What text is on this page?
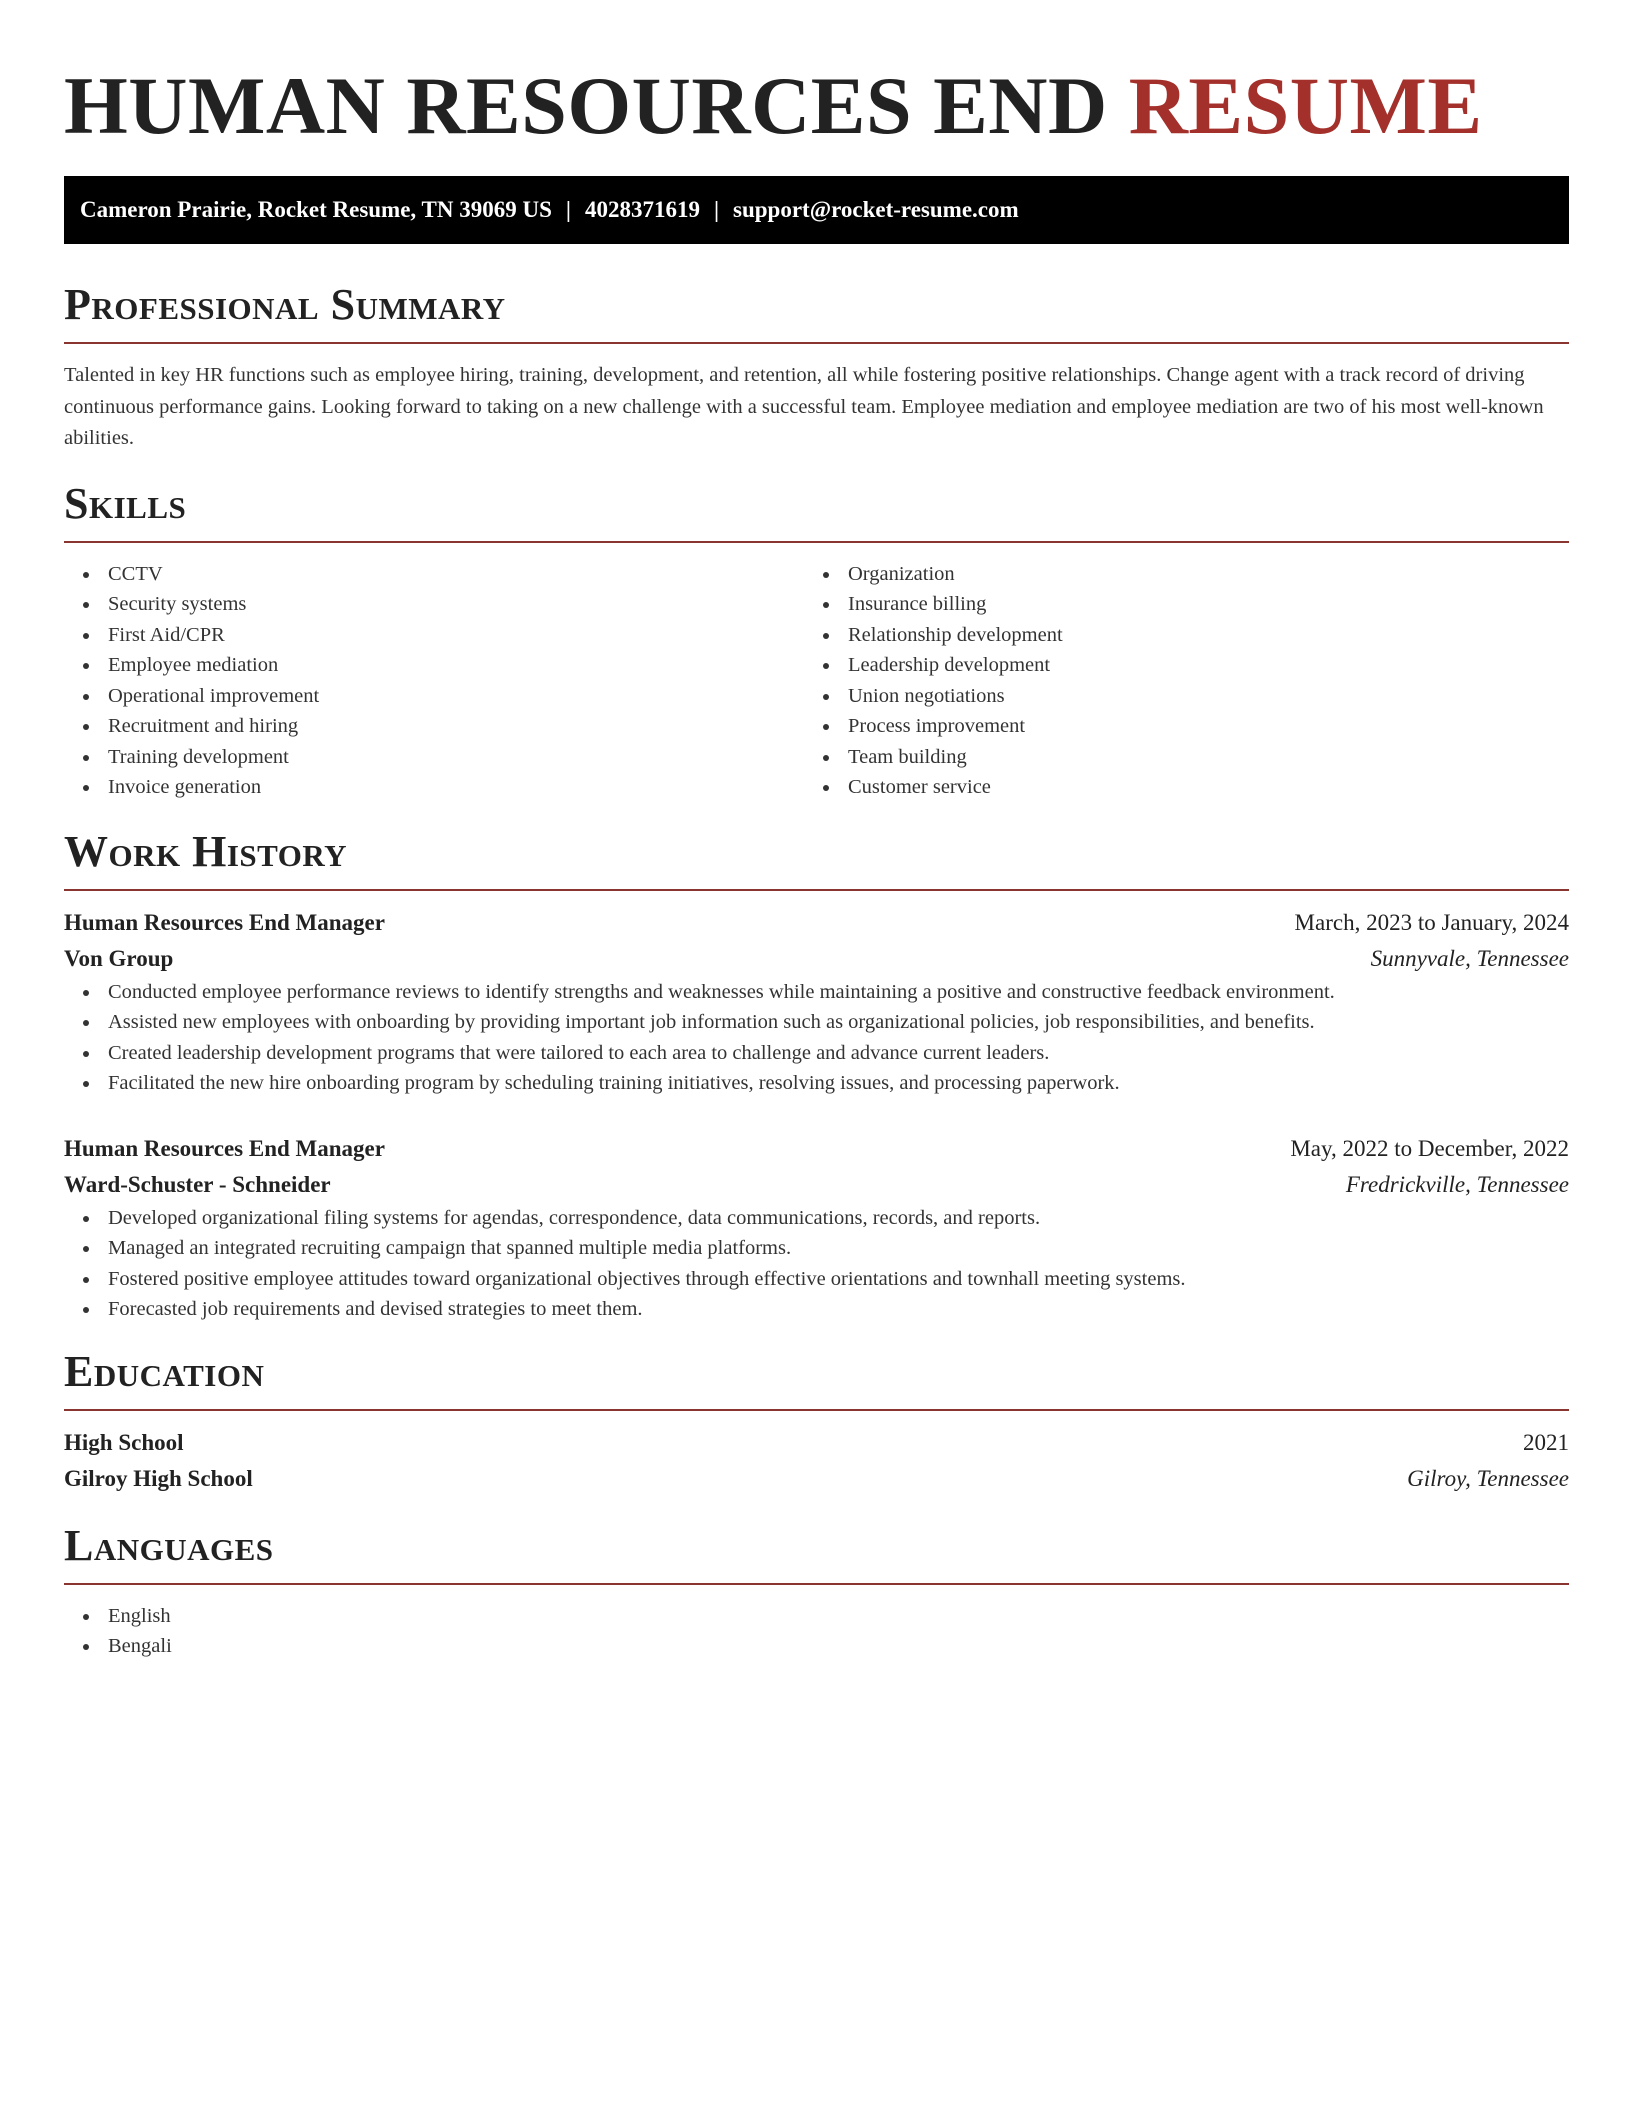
HUMAN RESOURCES END RESUME
Cameron Prairie, Rocket Resume, TN 39069 US | 4028371619 | support@rocket-resume.com
Professional Summary
Talented in key HR functions such as employee hiring, training, development, and retention, all while fostering positive relationships. Change agent with a track record of driving continuous performance gains. Looking forward to taking on a new challenge with a successful team. Employee mediation and employee mediation are two of his most well-known abilities.
Skills
CCTV
Security systems
First Aid/CPR
Employee mediation
Operational improvement
Recruitment and hiring
Training development
Invoice generation
Organization
Insurance billing
Relationship development
Leadership development
Union negotiations
Process improvement
Team building
Customer service
Work History
Human Resources End Manager	March, 2023 to January, 2024
Von Group	Sunnyvale, Tennessee
Conducted employee performance reviews to identify strengths and weaknesses while maintaining a positive and constructive feedback environment.
Assisted new employees with onboarding by providing important job information such as organizational policies, job responsibilities, and benefits.
Created leadership development programs that were tailored to each area to challenge and advance current leaders.
Facilitated the new hire onboarding program by scheduling training initiatives, resolving issues, and processing paperwork.
Human Resources End Manager	May, 2022 to December, 2022
Ward-Schuster - Schneider	Fredrickville, Tennessee
Developed organizational filing systems for agendas, correspondence, data communications, records, and reports.
Managed an integrated recruiting campaign that spanned multiple media platforms.
Fostered positive employee attitudes toward organizational objectives through effective orientations and townhall meeting systems.
Forecasted job requirements and devised strategies to meet them.
Education
High School	2021
Gilroy High School	Gilroy, Tennessee
Languages
English
Bengali
